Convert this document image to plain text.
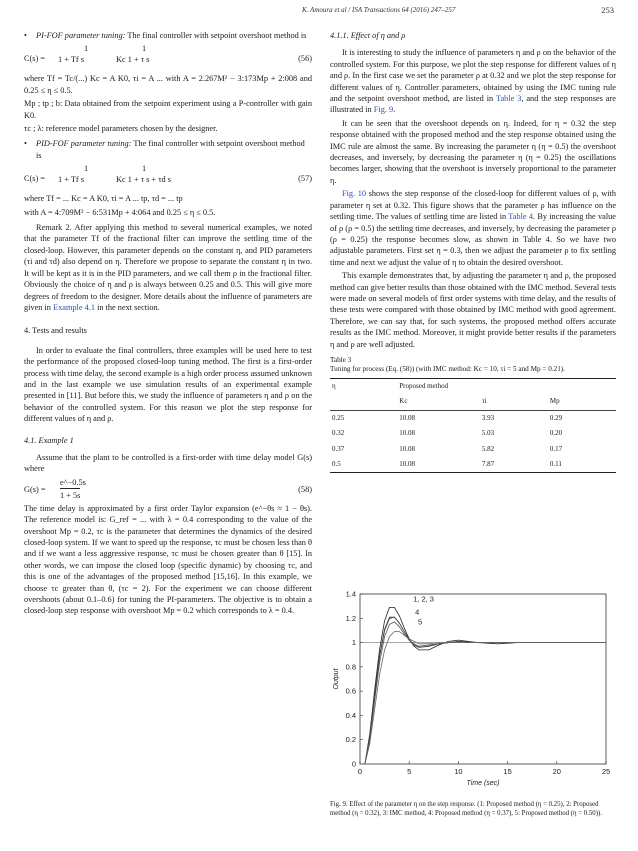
K. Amoura et al / ISA Transactions 64 (2016) 247–257	253
• PI-FOF parameter tuning: The final controller with setpoint overshoot method is
1	1
C(s) = 1 + Tf s	Kc 1 + τ s	(56)

where Tf = Tc/(...) Kc = A K0, τi = A ... with A = 2.267M² − 3:173Mp + 2:008 and 0.25 ≤ η ≤ 0.5.

Mp ; tp ; b: Data obtained from the setpoint experiment using a P-controller with gain K0.

τc ; λ: reference model parameters chosen by the designer.

• PID-FOF parameter tuning: The final controller with setpoint overshoot method is
1	1
C(s) = 1 + Tf s	Kc 1 + τ s + τd s	(57)

where Tf = ... Kc = A K0, τi = A ... tp, τd = ... tp

with A = 4:709M² − 6:531Mp + 4:064 and 0.25 ≤ η ≤ 0.5.

Remark 2. After applying this method to several numerical examples, we noted that the parameter Tf of the fractional filter can improve the settling time of the closed-loop. However, this parameter depends on the constant η, and PID parameters (τi and τd) also depend on η. Therefore we propose to separate the constant η in two. It will be kept as it is in the PID parameters, and we call them ρ in the fractional filter. Obviously the choice of η and ρ is always between 0.25 and 0.5. This will give more degrees of freedom to the designer. More details about the influence of parameters are given in Example 4.1 in the next section.

4. Tests and results

In order to evaluate the final controllers, three examples will be used here to test the performance of the proposed closed-loop tuning method. The first is a first-order process with time delay, the second example is a high order process assumed unknown and in the last example we use simulation results of an experimental example presented in [11]. But before this, we study the influence of parameters η and ρ on the behavior of the controlled system. For this reason we plot the step response for different values of η and ρ.

4.1. Example 1

Assume that the plant to be controlled is a first-order with time delay model G(s) where

G(s) =
e^−0.5s
1 + 5s
(58)

The time delay is approximated by a first order Taylor expansion (e^−θs ≈ 1 − θs). The reference model is: G_ref = ... with λ = 0.4 corresponding to the value of the overshoot Mp = 0.2, τc is the parameter that determines the dynamics of the desired closed-loop system. If we want to speed up the response, τc must be chosen less than θ and if we want a less aggressive response, τc must be chosen greater than θ [15]. In other words, we can impose the closed loop (specific dynamic) by choosing τc, and this is one of the advantages of the proposed method [15,16]. In this example, we choose τc greater than θ, (τc = 2). For the experiment we can choose different overshoots (about 0.1–0.6) for tuning the PI-parameters. The objective is to obtain a closed-loop step response with overshoot Mp = 0.2 which corresponds to λ = 0.4.

4.1.1. Effect of η and ρ

It is interesting to study the influence of parameters η and ρ on the behavior of the controlled system. For this purpose, we plot the step response for different values of η and ρ. In the first case we set the parameter ρ at 0.32 and we plot the step response for different values of η. Controller parameters, obtained by using the IMC tuning rule and the setpoint overshoot method, are listed in Table 3, and the step responses are illustrated in Fig. 9.

It can be seen that the overshoot depends on η. Indeed, for η = 0.32 the step response obtained with the proposed method and the step response obtained using the IMC rule are almost the same. By increasing the parameter η (η = 0.5) the overshoot decreases, and inversely, by decreasing the parameter η (η = 0.25) the oscillations becomes larger, showing that the overshoot is inversely proportional to the parameter η.

Fig. 10 shows the step response of the closed-loop for different values of ρ, with parameter η set at 0.32. This figure shows that the parameter ρ has influence on the settling time. The values of settling time are listed in Table 4. By increasing the value of ρ (ρ = 0.5) the settling time decreases, and inversely, by decreasing the parameter ρ (ρ = 0.25) the response becomes slow, as shown in Table 4. So we have two adjustable parameters. First set η = 0.3, then we adjust the parameter ρ to fix settling time and next we adjust the value of η to obtain the desired overshoot.

This example demonstrates that, by adjusting the parameter η and ρ, the proposed method can give better results than those obtained with the IMC method. Several tests were made on several models of first order systems with time delay, and the results of these tests were compared with those obtained by IMC method with good agreement. Therefore, we can say that, for such systems, the proposed method offers accurate results as the IMC method. Moreover, it might provide better results if the parameters η and ρ are well adjusted.

Table 3
Tuning for process (Eq. (58)) (with IMC method: Kc = 10, τi = 5 and Mp = 0.21).
η	Proposed method		
	Kc	τi	Mp
0.25	10.08	3.93	0.29
0.32	10.08	5.03	0.20
0.37	10.08	5.82	0.17
0.5	10.08	7.87	0.11
0	5	10	15	20	25
0
0.2
0.4
0.6
0.8
1
1.2
1.4
1, 2, 3
4
5
Time (sec)
Output
Fig. 9. Effect of the parameter η on the step response. (1: Proposed method (η = 0.25), 2: Proposed method (η = 0.32), 3: IMC method, 4: Proposed method (η = 0.37), 5: Proposed method (η = 0.50)).
